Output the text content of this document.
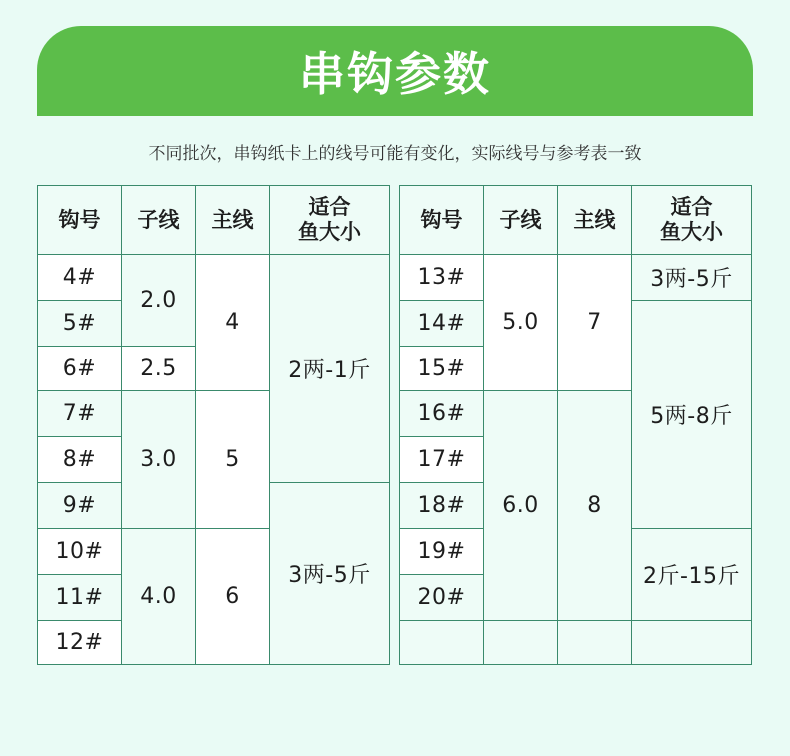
串钩参数
不同批次，串钩纸卡上的线号可能有变化，实际线号与参考表一致
钩号	子线	主线	适合
鱼大小
4#	2.0	4	2两-1斤
5#			
6#	2.5		
7#	3.0	5	
8#			
9#			3两-5斤
10#	4.0	6	
11#			
12#			
钩号	子线	主线	适合
鱼大小
13#	5.0	7	3两-5斤
14#			5两-8斤
15#			
16#	6.0	8	
17#			
18#			
19#			2斤-15斤
20#			
